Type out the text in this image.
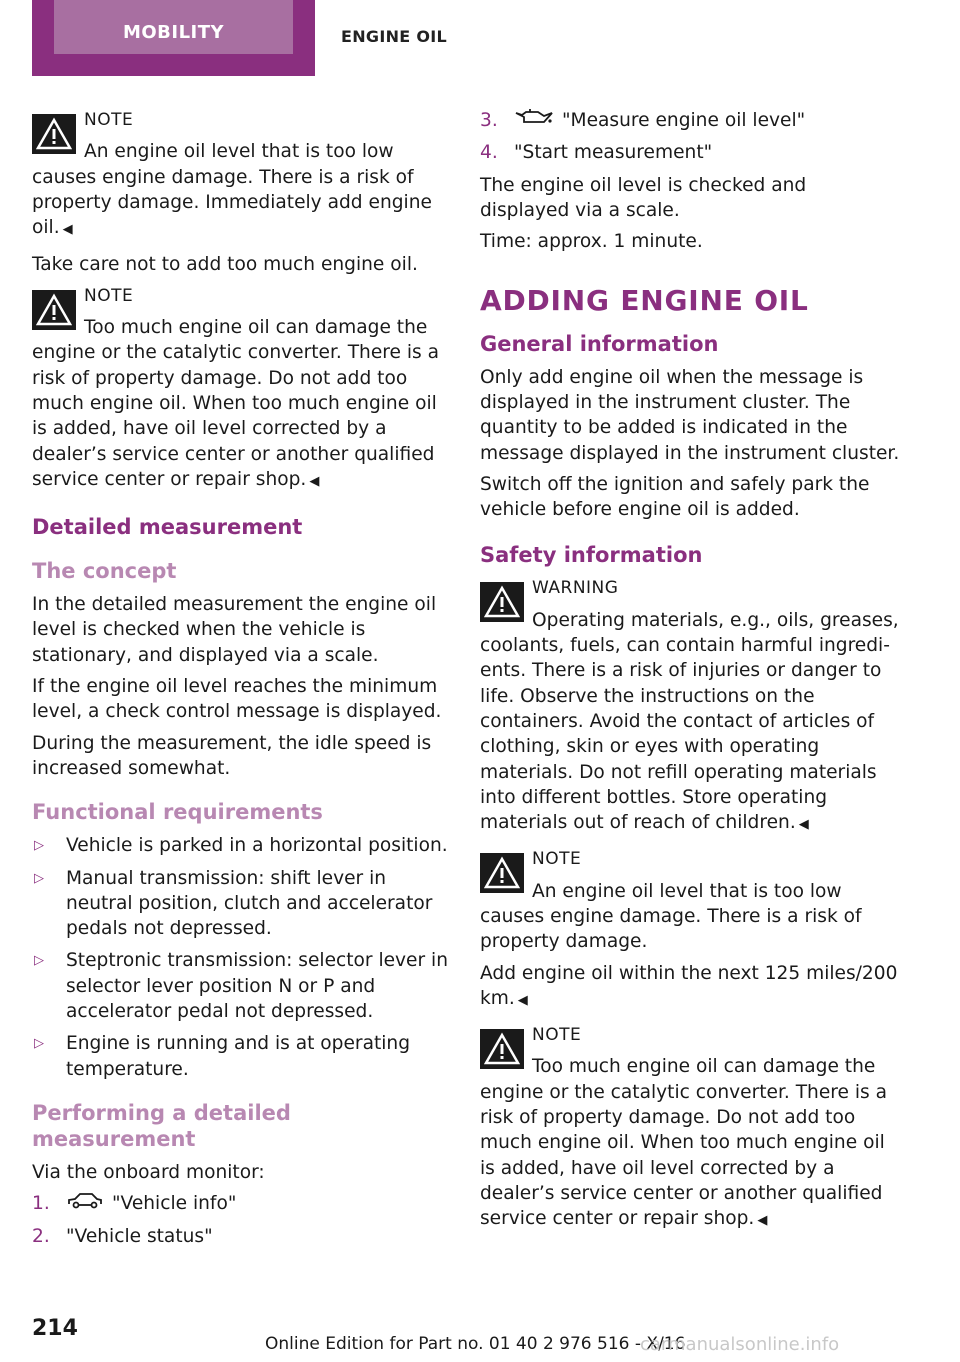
MOBILITY	ENGINE OIL
NOTE
An engine oil level that is too low causes engine damage. There is a risk of property damage. Immediately add engine oil. ◀

Take care not to add too much engine oil.

NOTE
Too much engine oil can damage the engine or the catalytic converter. There is a risk of property damage. Do not add too much engine oil. When too much engine oil is added, have oil level corrected by a dealer’s service center or another qualified service center or repair shop. ◀
Detailed measurement
The concept

In the detailed measurement the engine oil level is checked when the vehicle is stationary, and displayed via a scale.

If the engine oil level reaches the minimum level, a check control message is displayed.

During the measurement, the idle speed is increased somewhat.

Functional requirements
▷ Vehicle is parked in a horizontal position.
▷ Manual transmission: shift lever in neutral position, clutch and accelerator pedals not depressed.
▷ Steptronic transmission: selector lever in selector lever position N or P and accelerator pedal not depressed.
▷ Engine is running and is at operating temperature.
Performing a detailed measurement

Via the onboard monitor:

1.	"Vehicle info"
2. "Vehicle status"
3.	"Measure engine oil level"
4. "Start measurement"

The engine oil level is checked and displayed via a scale.

Time: approx. 1 minute.

ADDING ENGINE OIL
General information

Only add engine oil when the message is displayed in the instrument cluster. The quantity to be added is indicated in the message displayed in the instrument cluster.

Switch off the ignition and safely park the vehicle before engine oil is added.

Safety information
WARNING
Operating materials, e.g., oils, greases, coolants, fuels, can contain harmful ingredients. There is a risk of injuries or danger to life. Observe the instructions on the containers. Avoid the contact of articles of clothing, skin or eyes with operating materials. Do not refill operating materials into different bottles. Store operating materials out of reach of children. ◀
NOTE
An engine oil level that is too low causes engine damage. There is a risk of property damage.

Add engine oil within the next 125 miles/200 km. ◀

NOTE
Too much engine oil can damage the engine or the catalytic converter. There is a risk of property damage. Do not add too much engine oil. When too much engine oil is added, have oil level corrected by a dealer’s service center or another qualified service center or repair shop. ◀
214
Online Edition for Part no. 01 40 2 976 516 - X/16
carmanualsonline.info
